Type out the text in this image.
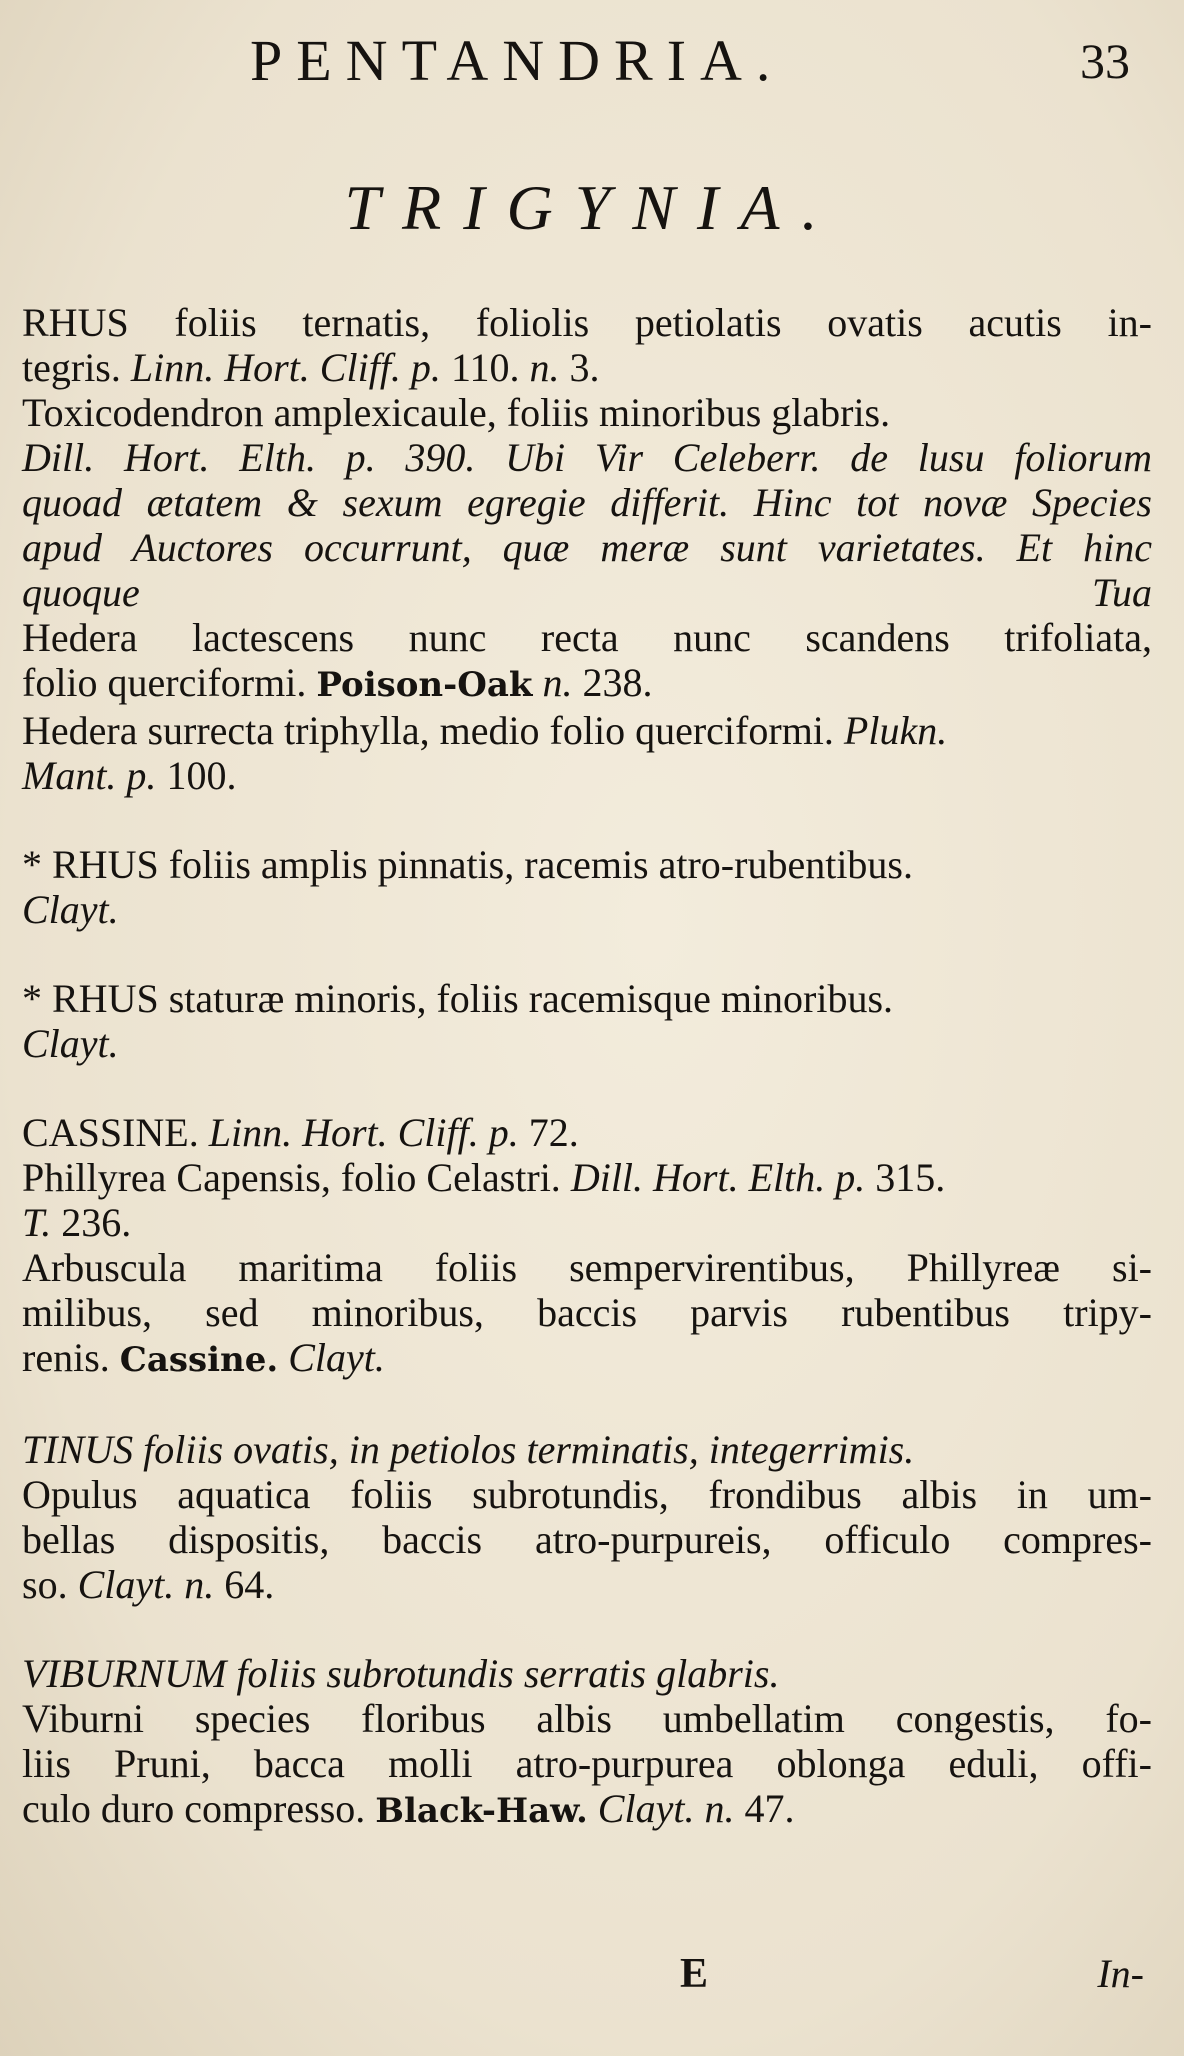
PENTANDRIA.	33
TRIGYNIA.
RHUS foliis ternatis, foliolis petiolatis ovatis acutis in-
tegris. Linn. Hort. Cliff. p. 110. n. 3.
Toxicodendron amplexicaule, foliis minoribus glabris.
Dill. Hort. Elth. p. 390. Ubi Vir Celeberr. de lusu foliorum
quoad ætatem & sexum egregie differit. Hinc tot novæ Species
apud Auctores occurrunt, quæ meræ sunt varietates. Et hinc
quoque Tua
Hedera lactescens nunc recta nunc scandens trifoliata,
folio querciformi. Poison-Oak n. 238.
Hedera surrecta triphylla, medio folio querciformi. Plukn.
Mant. p. 100.
* RHUS foliis amplis pinnatis, racemis atro-rubentibus.
Clayt.
* RHUS staturæ minoris, foliis racemisque minoribus.
Clayt.
CASSINE. Linn. Hort. Cliff. p. 72.
Phillyrea Capensis, folio Celastri. Dill. Hort. Elth. p. 315.
T. 236.
Arbuscula maritima foliis sempervirentibus, Phillyreæ si-
milibus, sed minoribus, baccis parvis rubentibus tripy-
renis. Cassine. Clayt.
TINUS foliis ovatis, in petiolos terminatis, integerrimis.
Opulus aquatica foliis subrotundis, frondibus albis in um-
bellas dispositis, baccis atro-purpureis, officulo compres-
so. Clayt. n. 64.
VIBURNUM foliis subrotundis serratis glabris.
Viburni species floribus albis umbellatim congestis, fo-
liis Pruni, bacca molli atro-purpurea oblonga eduli, offi-
culo duro compresso. Black-Haw. Clayt. n. 47.
E	In-
